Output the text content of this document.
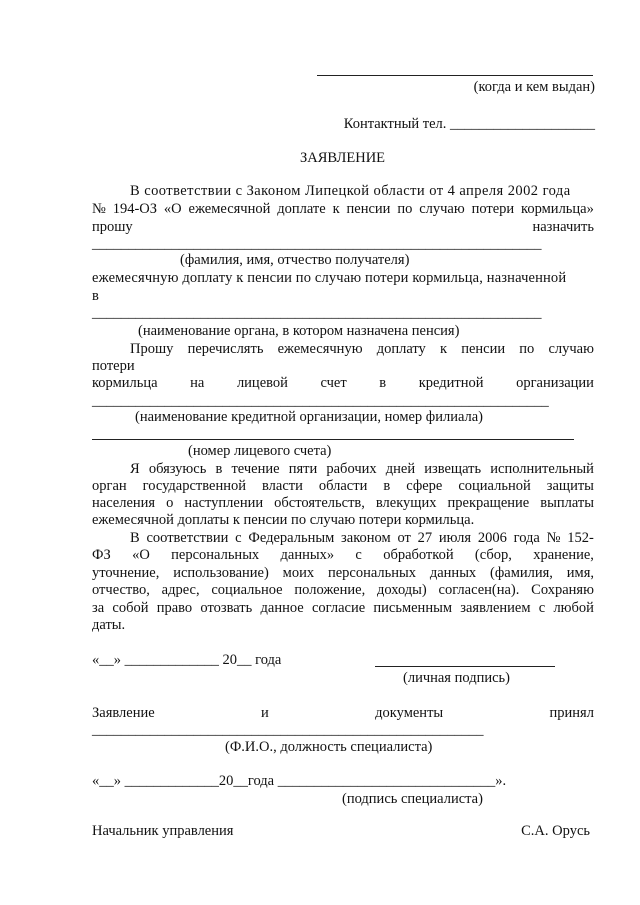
(когда и кем выдан)
Контактный тел. ____________________
ЗАЯВЛЕНИЕ
В соответствии с Законом Липецкой области от 4 апреля 2002 года
№ 194-ОЗ «О ежемесячной доплате к пенсии по случаю потери кормильца»
прошу	назначить
______________________________________________________________
(фамилия, имя, отчество получателя)
ежемесячную доплату к пенсии по случаю потери кормильца, назначенной
в
______________________________________________________________
(наименование органа, в котором назначена пенсия)
Прошу перечислять ежемесячную доплату к пенсии по случаю
потери
кормильца на лицевой счет в кредитной организации
_______________________________________________________________
(наименование кредитной организации, номер филиала)
(номер лицевого счета)
Я обязуюсь в течение пяти рабочих дней извещать исполнительный
орган государственной власти области в сфере социальной защиты
населения о наступлении обстоятельств, влекущих прекращение выплаты
ежемесячной доплаты к пенсии по случаю потери кормильца.
В соответствии с Федеральным законом от 27 июля 2006 года № 152-
ФЗ «О персональных данных» с обработкой (сбор, хранение,
уточнение, использование) моих персональных данных (фамилия, имя,
отчество, адрес, социальное положение, доходы) согласен(на). Сохраняю
за собой право отозвать данное согласие письменным заявлением с любой
даты.
«__» _____________ 20__ года
(личная подпись)
Заявление	и	документы	принял
______________________________________________________
(Ф.И.О., должность специалиста)
«__» _____________20__года ______________________________».
(подпись специалиста)
Начальник управления	С.А. Орусь
